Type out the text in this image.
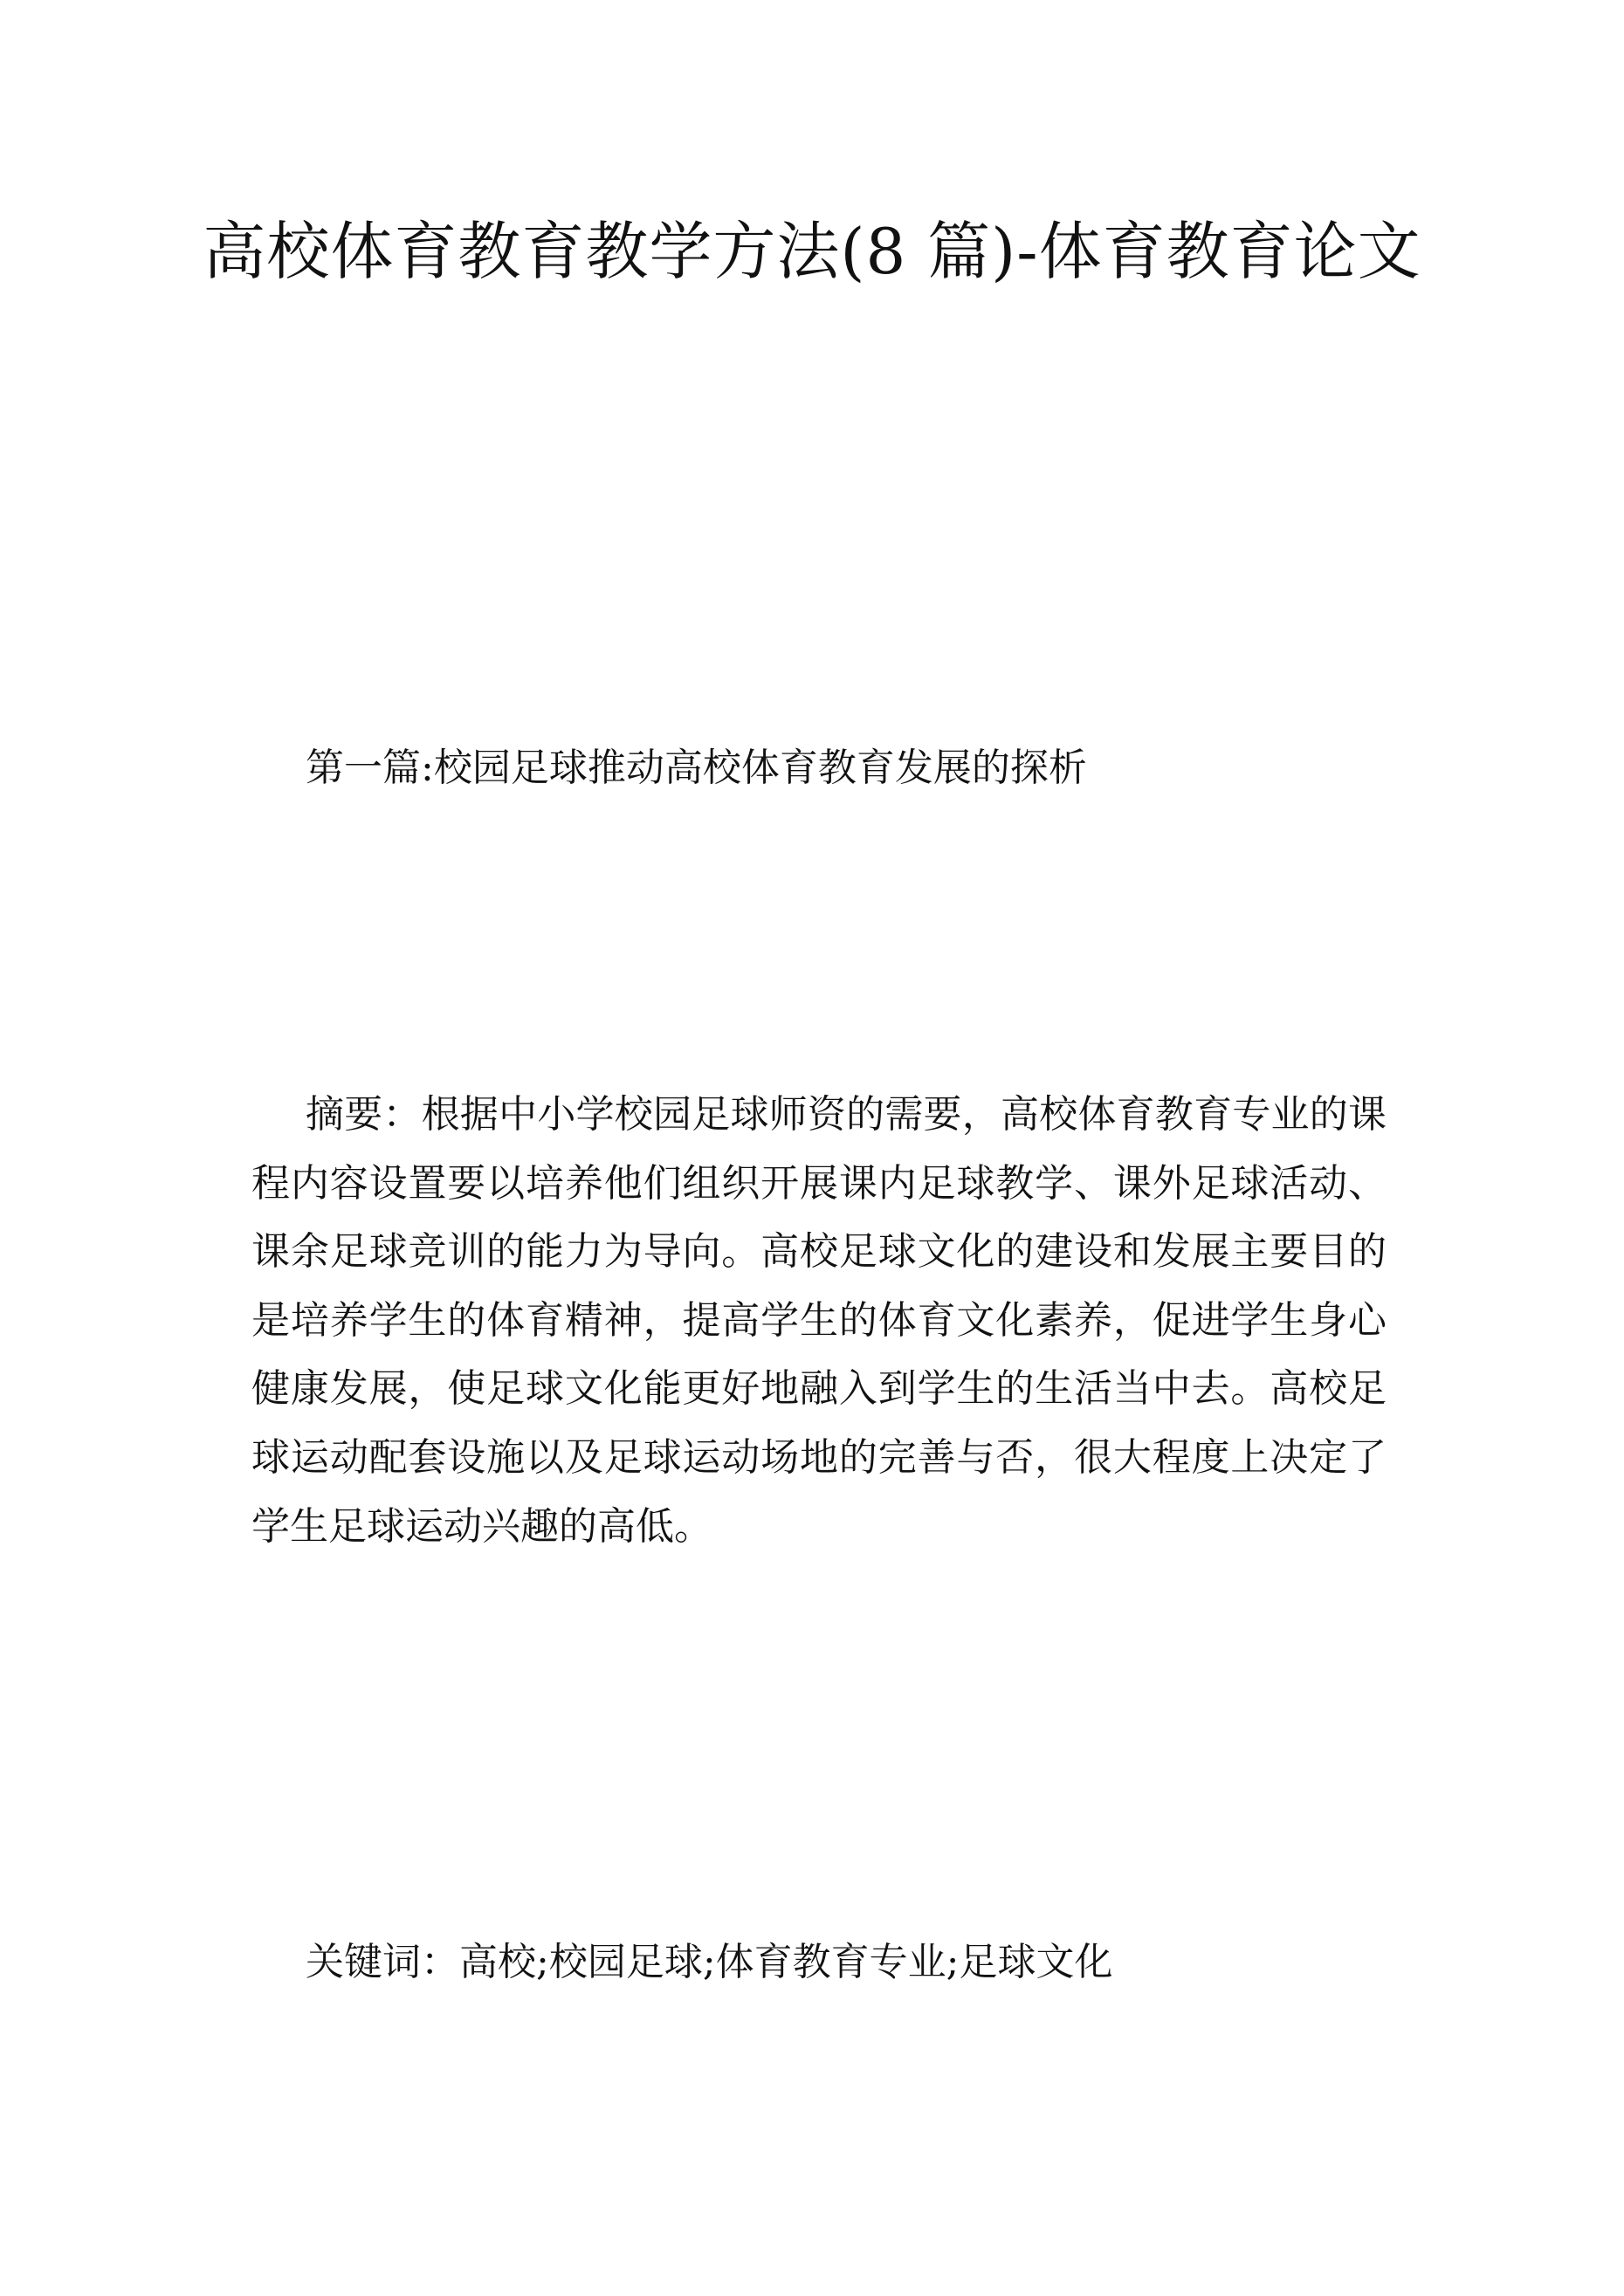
高校体育教育教学方法(8 篇)-体育教育论文
第一篇:校园足球推动高校体育教育发展的探析

摘要：根据中小学校园足球师资的需要，高校体育教育专业的课程内容设置要以培养他们组织开展课内足球教学、课外足球活动、课余足球竞训的能力为导向。高校足球文化的建设和发展主要目的是培养学生的体育精神，提高学生的体育文化素养，促进学生身心健康发展，使足球文化能更好地融入到学生的生活当中去。高校足球运动配套设施以及足球运动场地的完善与否，很大程度上决定了学生足球运动兴趣的高低。

关键词：高校;校园足球;体育教育专业;足球文化
